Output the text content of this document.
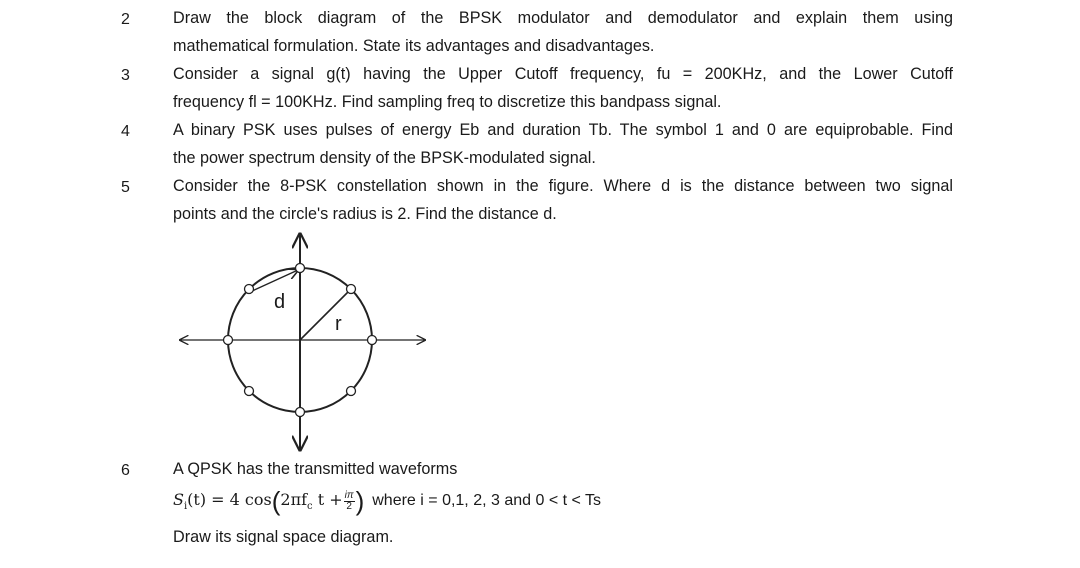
2	Draw the block diagram of the BPSK modulator and demodulator and explain them using
mathematical formulation. State its advantages and disadvantages.
3	Consider a signal g(t) having the Upper Cutoff frequency, fu = 200KHz, and the Lower Cutoff
frequency fl = 100KHz. Find sampling freq to discretize this bandpass signal.
4	A binary PSK uses pulses of energy Eb and duration Tb. The symbol 1 and 0 are equiprobable. Find
the power spectrum density of the BPSK-modulated signal.
5	Consider the 8-PSK constellation shown in the figure. Where d is the distance between two signal
points and the circle's radius is 2. Find the distance d.
d
r
6	A QPSK has the transmitted waveforms
$S_i(t) = 4$ cos ( $2\pi f_c$ $t + \frac{i\pi}{2}$ ) where i = 0,1, 2, 3 and 0 < t < Ts
Draw its signal space diagram.
